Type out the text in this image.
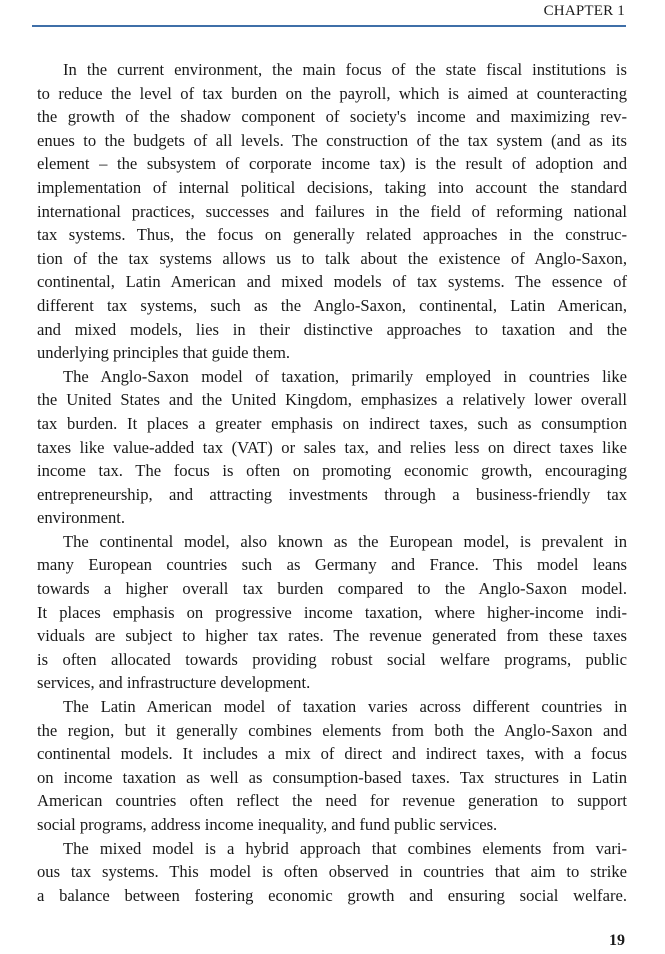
CHAPTER 1
In the current environment, the main focus of the state fiscal institutions is
to reduce the level of tax burden on the payroll, which is aimed at counteracting
the growth of the shadow component of society's income and maximizing rev-
enues to the budgets of all levels. The construction of the tax system (and as its
element – the subsystem of corporate income tax) is the result of adoption and
implementation of internal political decisions, taking into account the standard
international practices, successes and failures in the field of reforming national
tax systems. Thus, the focus on generally related approaches in the construc-
tion of the tax systems allows us to talk about the existence of Anglo-Saxon,
continental, Latin American and mixed models of tax systems. The essence of
different tax systems, such as the Anglo-Saxon, continental, Latin American,
and mixed models, lies in their distinctive approaches to taxation and the
underlying principles that guide them.
The Anglo-Saxon model of taxation, primarily employed in countries like
the United States and the United Kingdom, emphasizes a relatively lower overall
tax burden. It places a greater emphasis on indirect taxes, such as consumption
taxes like value-added tax (VAT) or sales tax, and relies less on direct taxes like
income tax. The focus is often on promoting economic growth, encouraging
entrepreneurship, and attracting investments through a business-friendly tax
environment.
The continental model, also known as the European model, is prevalent in
many European countries such as Germany and France. This model leans
towards a higher overall tax burden compared to the Anglo-Saxon model.
It places emphasis on progressive income taxation, where higher-income indi-
viduals are subject to higher tax rates. The revenue generated from these taxes
is often allocated towards providing robust social welfare programs, public
services, and infrastructure development.
The Latin American model of taxation varies across different countries in
the region, but it generally combines elements from both the Anglo-Saxon and
continental models. It includes a mix of direct and indirect taxes, with a focus
on income taxation as well as consumption-based taxes. Tax structures in Latin
American countries often reflect the need for revenue generation to support
social programs, address income inequality, and fund public services.
The mixed model is a hybrid approach that combines elements from vari-
ous tax systems. This model is often observed in countries that aim to strike
a balance between fostering economic growth and ensuring social welfare.
19
